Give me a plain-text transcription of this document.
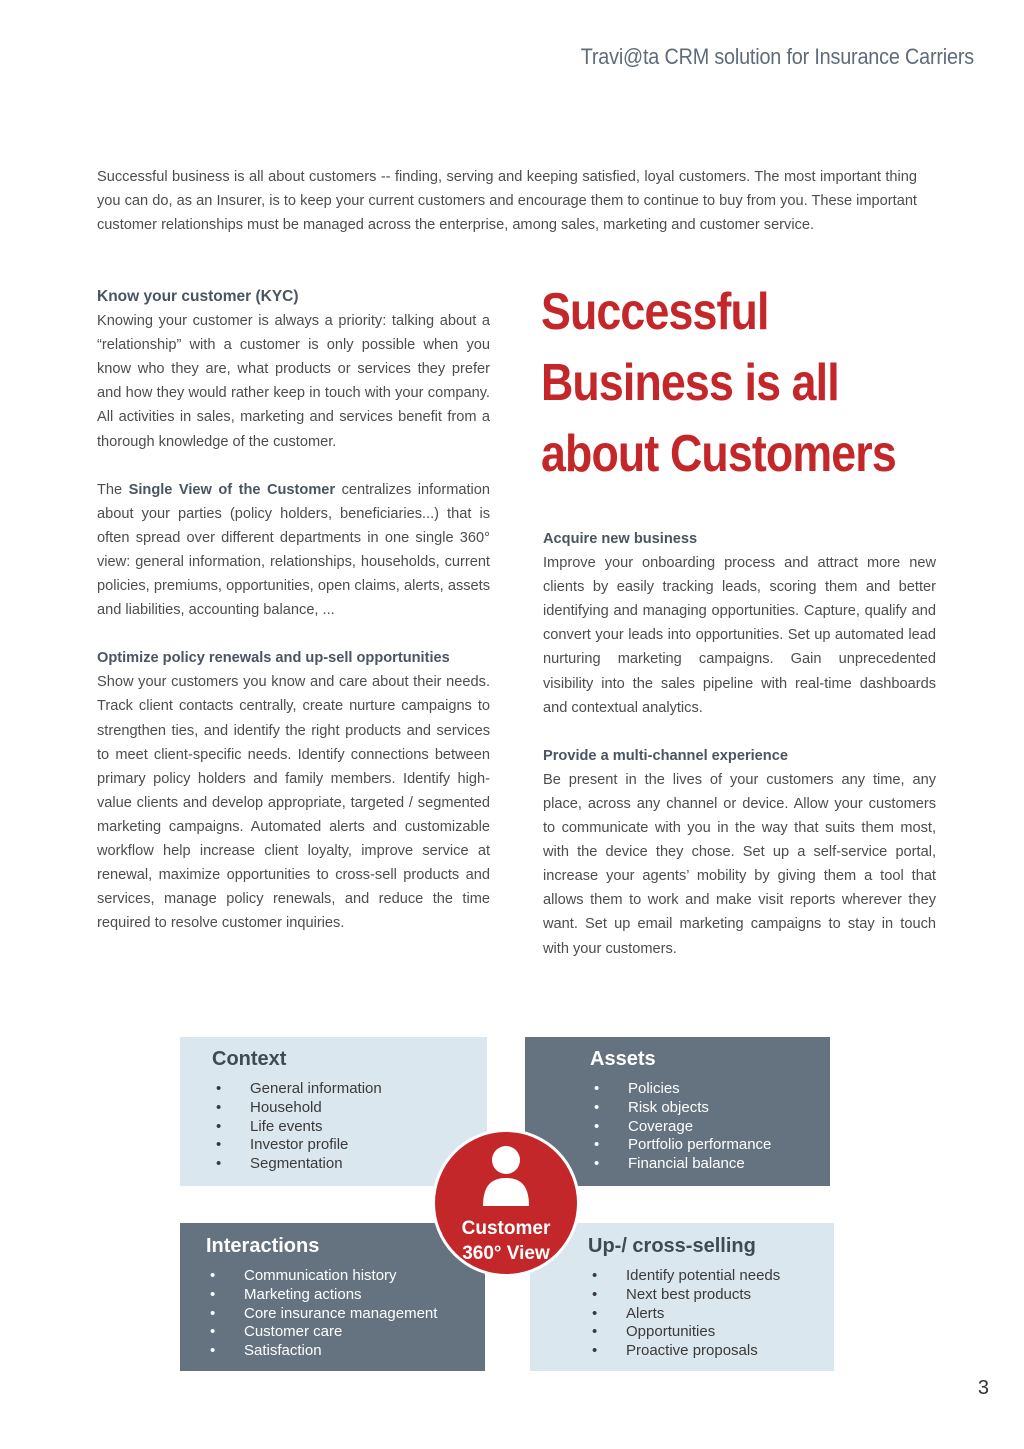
Travi@ta CRM solution for Insurance Carriers

Successful business is all about customers -- finding, serving and keeping satisfied, loyal customers. The most important thing you can do, as an Insurer, is to keep your current customers and encourage them to continue to buy from you. These important customer relationships must be managed across the enterprise, among sales, marketing and customer service.

Know your customer (KYC)

Knowing your customer is always a priority: talking about a “relationship” with a customer is only possible when you know who they are, what products or services they prefer and how they would rather keep in touch with your company. All activities in sales, marketing and services benefit from a thorough knowledge of the customer.

The Single View of the Customer centralizes information about your parties (policy holders, beneficiaries...) that is often spread over different departments in one single 360° view: general information, relationships, households, current policies, premiums, opportunities, open claims, alerts, assets and liabilities, accounting balance, ...

Optimize policy renewals and up-sell opportunities

Show your customers you know and care about their needs. Track client contacts centrally, create nurture campaigns to strengthen ties, and identify the right products and services to meet client-specific needs. Identify connections between primary policy holders and family members. Identify high-value clients and develop appropriate, targeted / segmented marketing campaigns. Automated alerts and customizable workflow help increase client loyalty, improve service at renewal, maximize opportunities to cross-sell products and services, manage policy renewals, and reduce the time required to resolve customer inquiries.

Successful
Business is all
about Customers
Acquire new business

Improve your onboarding process and attract more new clients by easily tracking leads, scoring them and better identifying and managing opportunities. Capture, qualify and convert your leads into opportunities. Set up automated lead nurturing marketing campaigns. Gain unprecedented visibility into the sales pipeline with real-time dashboards and contextual analytics.

Provide a multi-channel experience

Be present in the lives of your customers any time, any place, across any channel or device. Allow your customers to communicate with you in the way that suits them most, with the device they chose. Set up a self-service portal, increase your agents’ mobility by giving them a tool that allows them to work and make visit reports wherever they want. Set up email marketing campaigns to stay in touch with your customers.

Context
• General information
• Household
• Life events
• Investor profile
• Segmentation
Assets
• Policies
• Risk objects
• Coverage
• Portfolio performance
• Financial balance
Interactions
• Communication history
• Marketing actions
• Core insurance management
• Customer care
• Satisfaction
Up-/ cross-selling
• Identify potential needs
• Next best products
• Alerts
• Opportunities
• Proactive proposals
Customer
360° View
3
